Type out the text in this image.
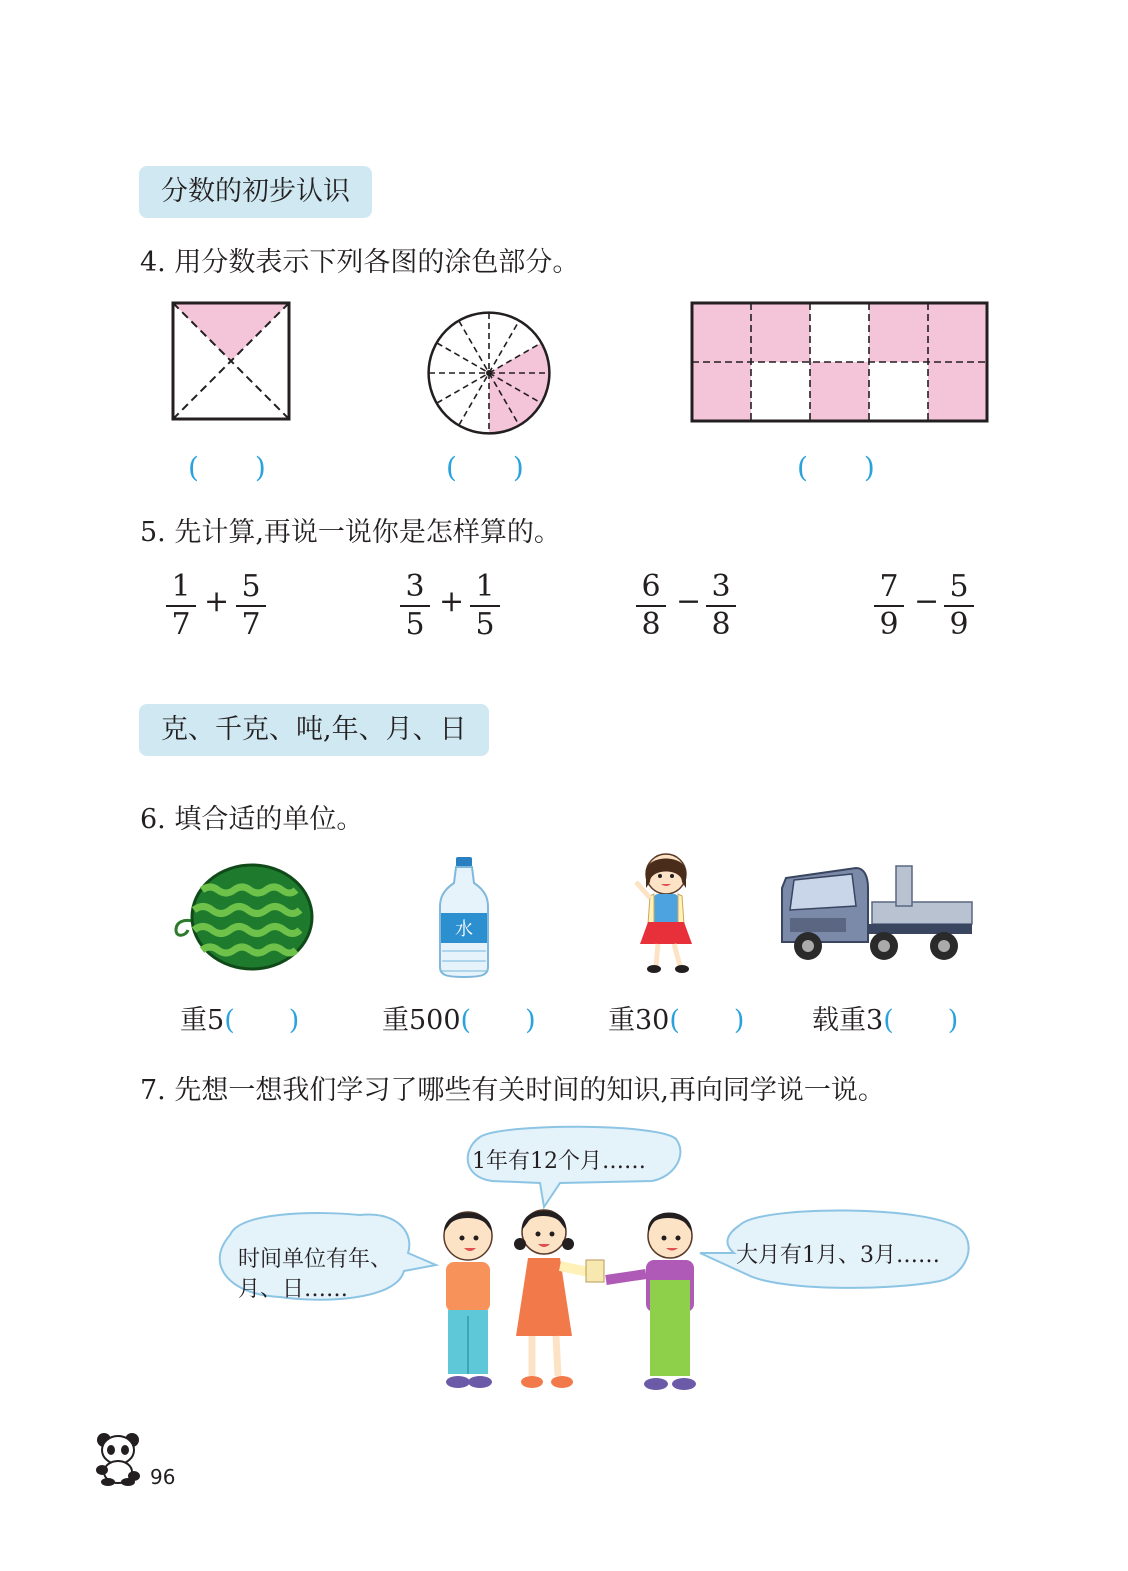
分数的初步认识
4. 用分数表示下列各图的涂色部分。
(　　)	(　　)	(　　)
5. 先计算,再说一说你是怎样算的。
1
7
+ 5
7
3
5
+ 1
5
6
8
− 3
8
7
9
− 5
9
克、千克、吨,年、月、日
6. 填合适的单位。
水
重5(　　)	重500(　　)	重30(　　)	载重3(　　)
7. 先想一想我们学习了哪些有关时间的知识,再向同学说一说。
1年有12个月……
时间单位有年、
月、日……
大月有1月、3月……
96
